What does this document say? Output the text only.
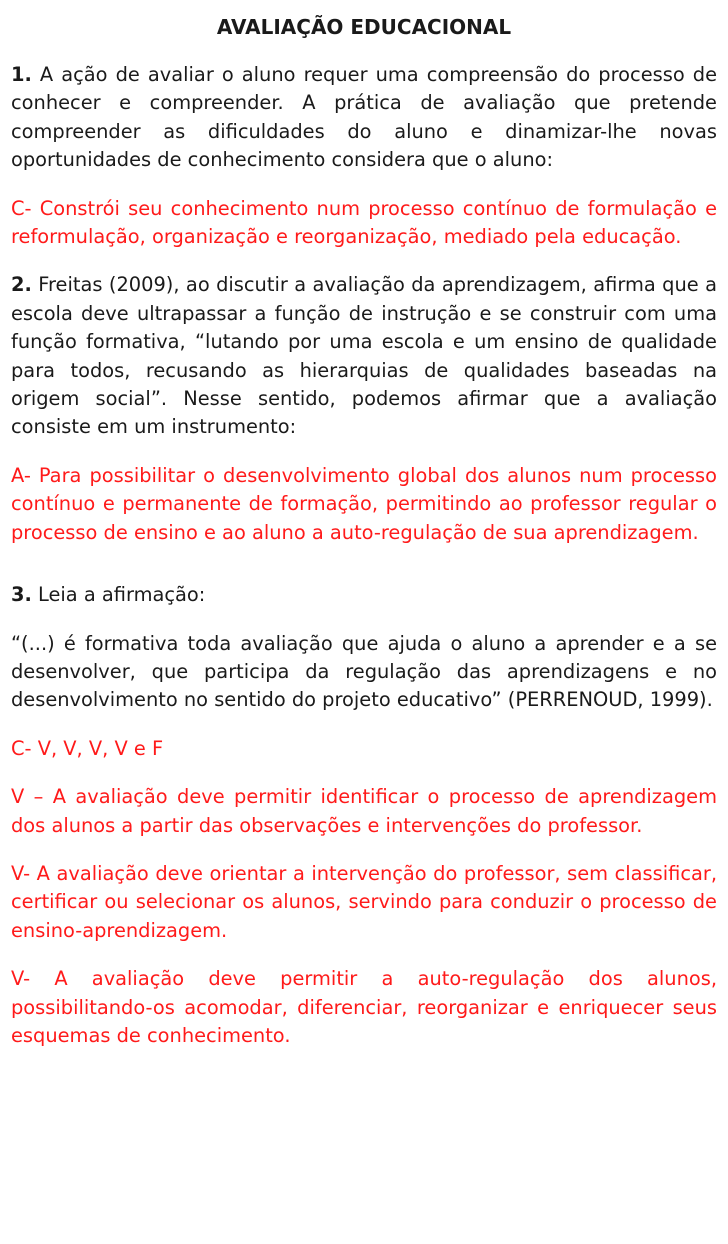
AVALIAÇÃO EDUCACIONAL

1. A ação de avaliar o aluno requer uma compreensão do processo de conhecer e compreender. A prática de avaliação que pretende compreender as dificuldades do aluno e dinamizar-lhe novas oportunidades de conhecimento considera que o aluno:

C- Constrói seu conhecimento num processo contínuo de formulação e reformulação, organização e reorganização, mediado pela educação.

2. Freitas (2009), ao discutir a avaliação da aprendizagem, afirma que a escola deve ultrapassar a função de instrução e se construir com uma função formativa, “lutando por uma escola e um ensino de qualidade para todos, recusando as hierarquias de qualidades baseadas na origem social”. Nesse sentido, podemos afirmar que a avaliação consiste em um instrumento:

A- Para possibilitar o desenvolvimento global dos alunos num processo contínuo e permanente de formação, permitindo ao professor regular o processo de ensino e ao aluno a auto-regulação de sua aprendizagem.

3. Leia a afirmação:

“(...) é formativa toda avaliação que ajuda o aluno a aprender e a se desenvolver, que participa da regulação das aprendizagens e no desenvolvimento no sentido do projeto educativo” (PERRENOUD, 1999).

C- V, V, V, V e F

V – A avaliação deve permitir identificar o processo de aprendizagem dos alunos a partir das observações e intervenções do professor.

V- A avaliação deve orientar a intervenção do professor, sem classificar, certificar ou selecionar os alunos, servindo para conduzir o processo de ensino-aprendizagem.

V- A avaliação deve permitir a auto-regulação dos alunos, possibilitando-os acomodar, diferenciar, reorganizar e enriquecer seus esquemas de conhecimento.
